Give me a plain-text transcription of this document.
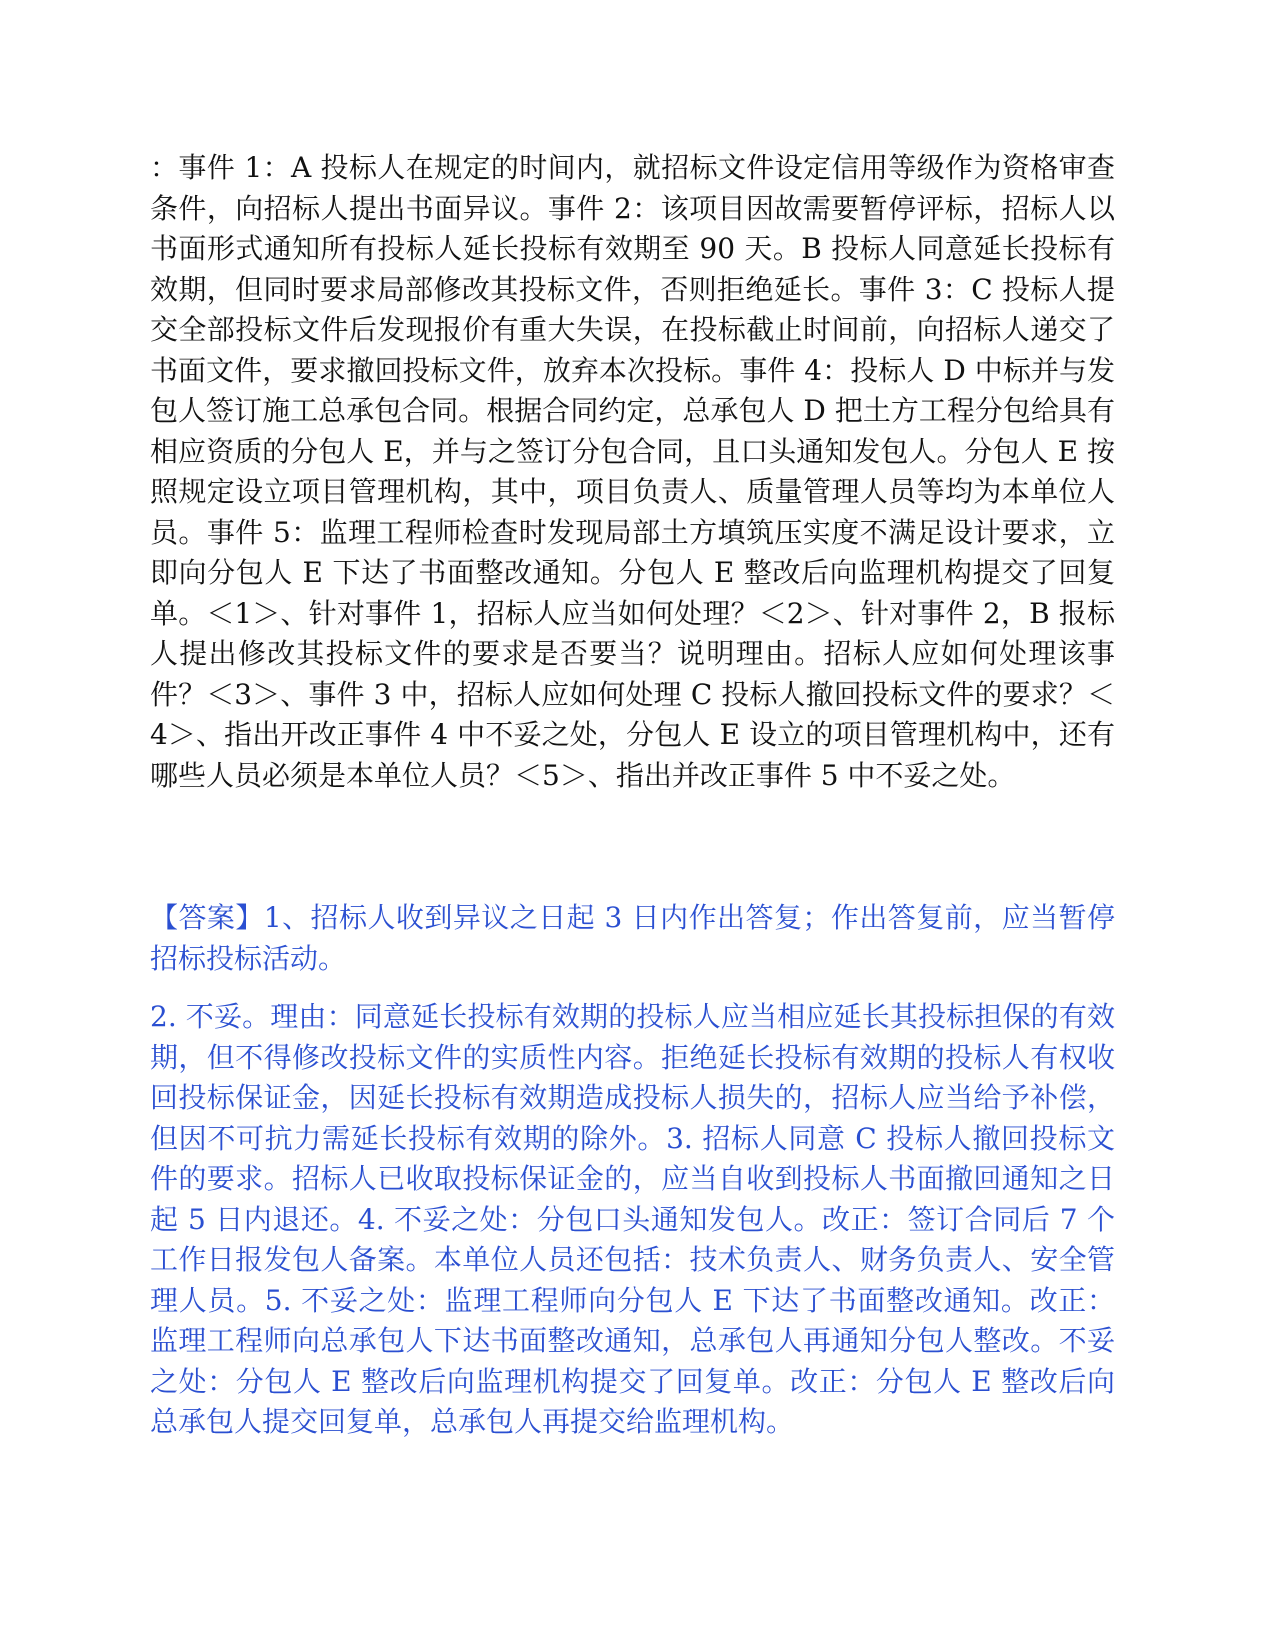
：事件 1：A 投标人在规定的时间内，就招标文件设定信用等级作为资格审查条件，向招标人提出书面异议。事件 2：该项目因故需要暂停评标，招标人以书面形式通知所有投标人延长投标有效期至 90 天。B 投标人同意延长投标有效期，但同时要求局部修改其投标文件，否则拒绝延长。事件 3：C 投标人提交全部投标文件后发现报价有重大失误，在投标截止时间前，向招标人递交了书面文件，要求撤回投标文件，放弃本次投标。事件 4：投标人 D 中标并与发包人签订施工总承包合同。根据合同约定，总承包人 D 把土方工程分包给具有相应资质的分包人 E，并与之签订分包合同，且口头通知发包人。分包人 E 按照规定设立项目管理机构，其中，项目负责人、质量管理人员等均为本单位人员。事件 5：监理工程师检查时发现局部土方填筑压实度不满足设计要求，立即向分包人 E 下达了书面整改通知。分包人 E 整改后向监理机构提交了回复单。＜1＞、针对事件 1，招标人应当如何处理？＜2＞、针对事件 2，B 报标人提出修改其投标文件的要求是否要当？说明理由。招标人应如何处理该事件？＜3＞、事件 3 中，招标人应如何处理 C 投标人撤回投标文件的要求？＜4＞、指出开改正事件 4 中不妥之处，分包人 E 设立的项目管理机构中，还有哪些人员必须是本单位人员？＜5＞、指出并改正事件 5 中不妥之处。

【答案】1、招标人收到异议之日起 3 日内作出答复；作出答复前，应当暂停招标投标活动。

2. 不妥。理由：同意延长投标有效期的投标人应当相应延长其投标担保的有效期，但不得修改投标文件的实质性内容。拒绝延长投标有效期的投标人有权收回投标保证金，因延长投标有效期造成投标人损失的，招标人应当给予补偿，但因不可抗力需延长投标有效期的除外。3. 招标人同意 C 投标人撤回投标文件的要求。招标人已收取投标保证金的，应当自收到投标人书面撤回通知之日起 5 日内退还。4. 不妥之处：分包口头通知发包人。改正：签订合同后 7 个工作日报发包人备案。本单位人员还包括：技术负责人、财务负责人、安全管理人员。5. 不妥之处：监理工程师向分包人 E 下达了书面整改通知。改正：监理工程师向总承包人下达书面整改通知，总承包人再通知分包人整改。不妥之处：分包人 E 整改后向监理机构提交了回复单。改正：分包人 E 整改后向总承包人提交回复单，总承包人再提交给监理机构。
